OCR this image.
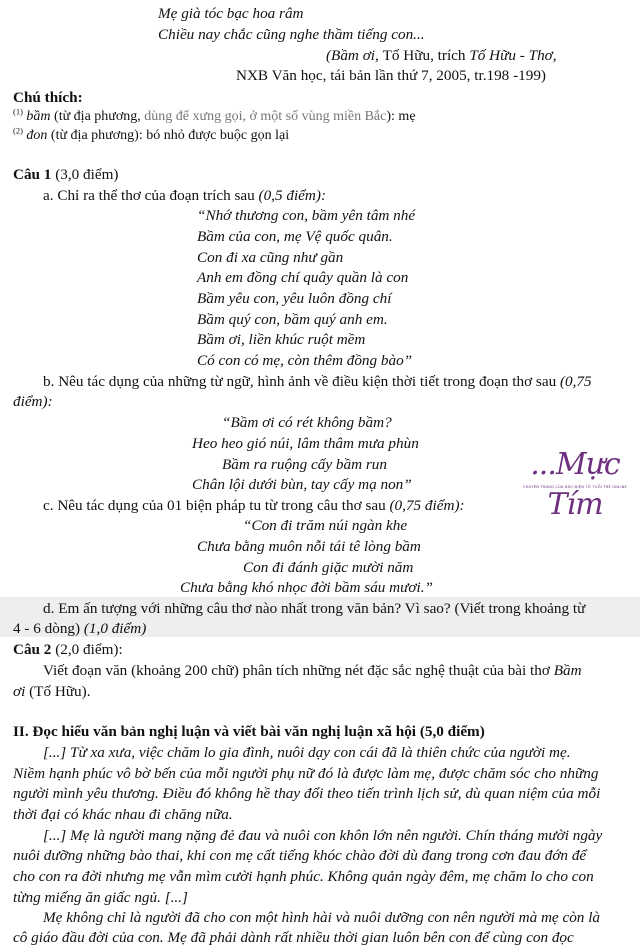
Mẹ già tóc bạc hoa râm
Chiều nay chắc cũng nghe thầm tiếng con...
(Bầm ơi, Tố Hữu, trích Tố Hữu - Thơ,
NXB Văn học, tái bản lần thứ 7, 2005, tr.198 -199)
Chú thích:
$^{(1)}$ bầm (từ địa phương, dùng để xưng gọi, ở một số vùng miền Bắc): mẹ
$^{(2)}$ đon (từ địa phương): bó nhỏ được buộc gọn lại
Câu 1 (3,0 điểm)
a. Chỉ ra thể thơ của đoạn trích sau (0,5 điểm):
“Nhớ thương con, bầm yên tâm nhé
Bầm của con, mẹ Vệ quốc quân.
Con đi xa cũng như gần
Anh em đồng chí quây quần là con
Bầm yêu con, yêu luôn đồng chí
Bầm quý con, bầm quý anh em.
Bầm ơi, liền khúc ruột mềm
Có con có mẹ, còn thêm đồng bào”
b. Nêu tác dụng của những từ ngữ, hình ảnh về điều kiện thời tiết trong đoạn thơ sau (0,75
điểm):
“Bầm ơi có rét không bầm?
Heo heo gió núi, lâm thâm mưa phùn
Bầm ra ruộng cấy bầm run
Chân lội dưới bùn, tay cấy mạ non”
c. Nêu tác dụng của 01 biện pháp tu từ trong câu thơ sau (0,75 điểm):
“Con đi trăm núi ngàn khe
Chưa bằng muôn nỗi tái tê lòng bầm
Con đi đánh giặc mười năm
Chưa bằng khó nhọc đời bầm sáu mươi.”
d. Em ấn tượng với những câu thơ nào nhất trong văn bản? Vì sao? (Viết trong khoảng từ
4 - 6 dòng) (1,0 điểm)
Câu 2 (2,0 điểm):
Viết đoạn văn (khoảng 200 chữ) phân tích những nét đặc sắc nghệ thuật của bài thơ Bầm
ơi (Tố Hữu).
II. Đọc hiểu văn bản nghị luận và viết bài văn nghị luận xã hội (5,0 điểm)
[...] Từ xa xưa, việc chăm lo gia đình, nuôi dạy con cái đã là thiên chức của người mẹ.
Niềm hạnh phúc vô bờ bến của mỗi người phụ nữ đó là được làm mẹ, được chăm sóc cho những
người mình yêu thương. Điều đó không hề thay đổi theo tiến trình lịch sử, dù quan niệm của mỗi
thời đại có khác nhau đi chăng nữa.
[...] Mẹ là người mang nặng đẻ đau và nuôi con khôn lớn nên người. Chín tháng mười ngày
nuôi dưỡng những bào thai, khi con mẹ cất tiếng khóc chào đời dù đang trong cơn đau đớn để
cho con ra đời nhưng mẹ vẫn mìm cười hạnh phúc. Không quản ngày đêm, mẹ chăm lo cho con
từng miếng ăn giấc ngủ. [...]
Mẹ không chỉ là người đã cho con một hình hài và nuôi dưỡng con nên người mà mẹ còn là
cô giáo đầu đời của con. Mẹ đã phải dành rất nhiều thời gian luôn bên con để cùng con đọc
...Mực Tím
CHUYÊN TRANG CỦA BÁO ĐIỆN TỬ TUỔI TRẺ ONLINE
